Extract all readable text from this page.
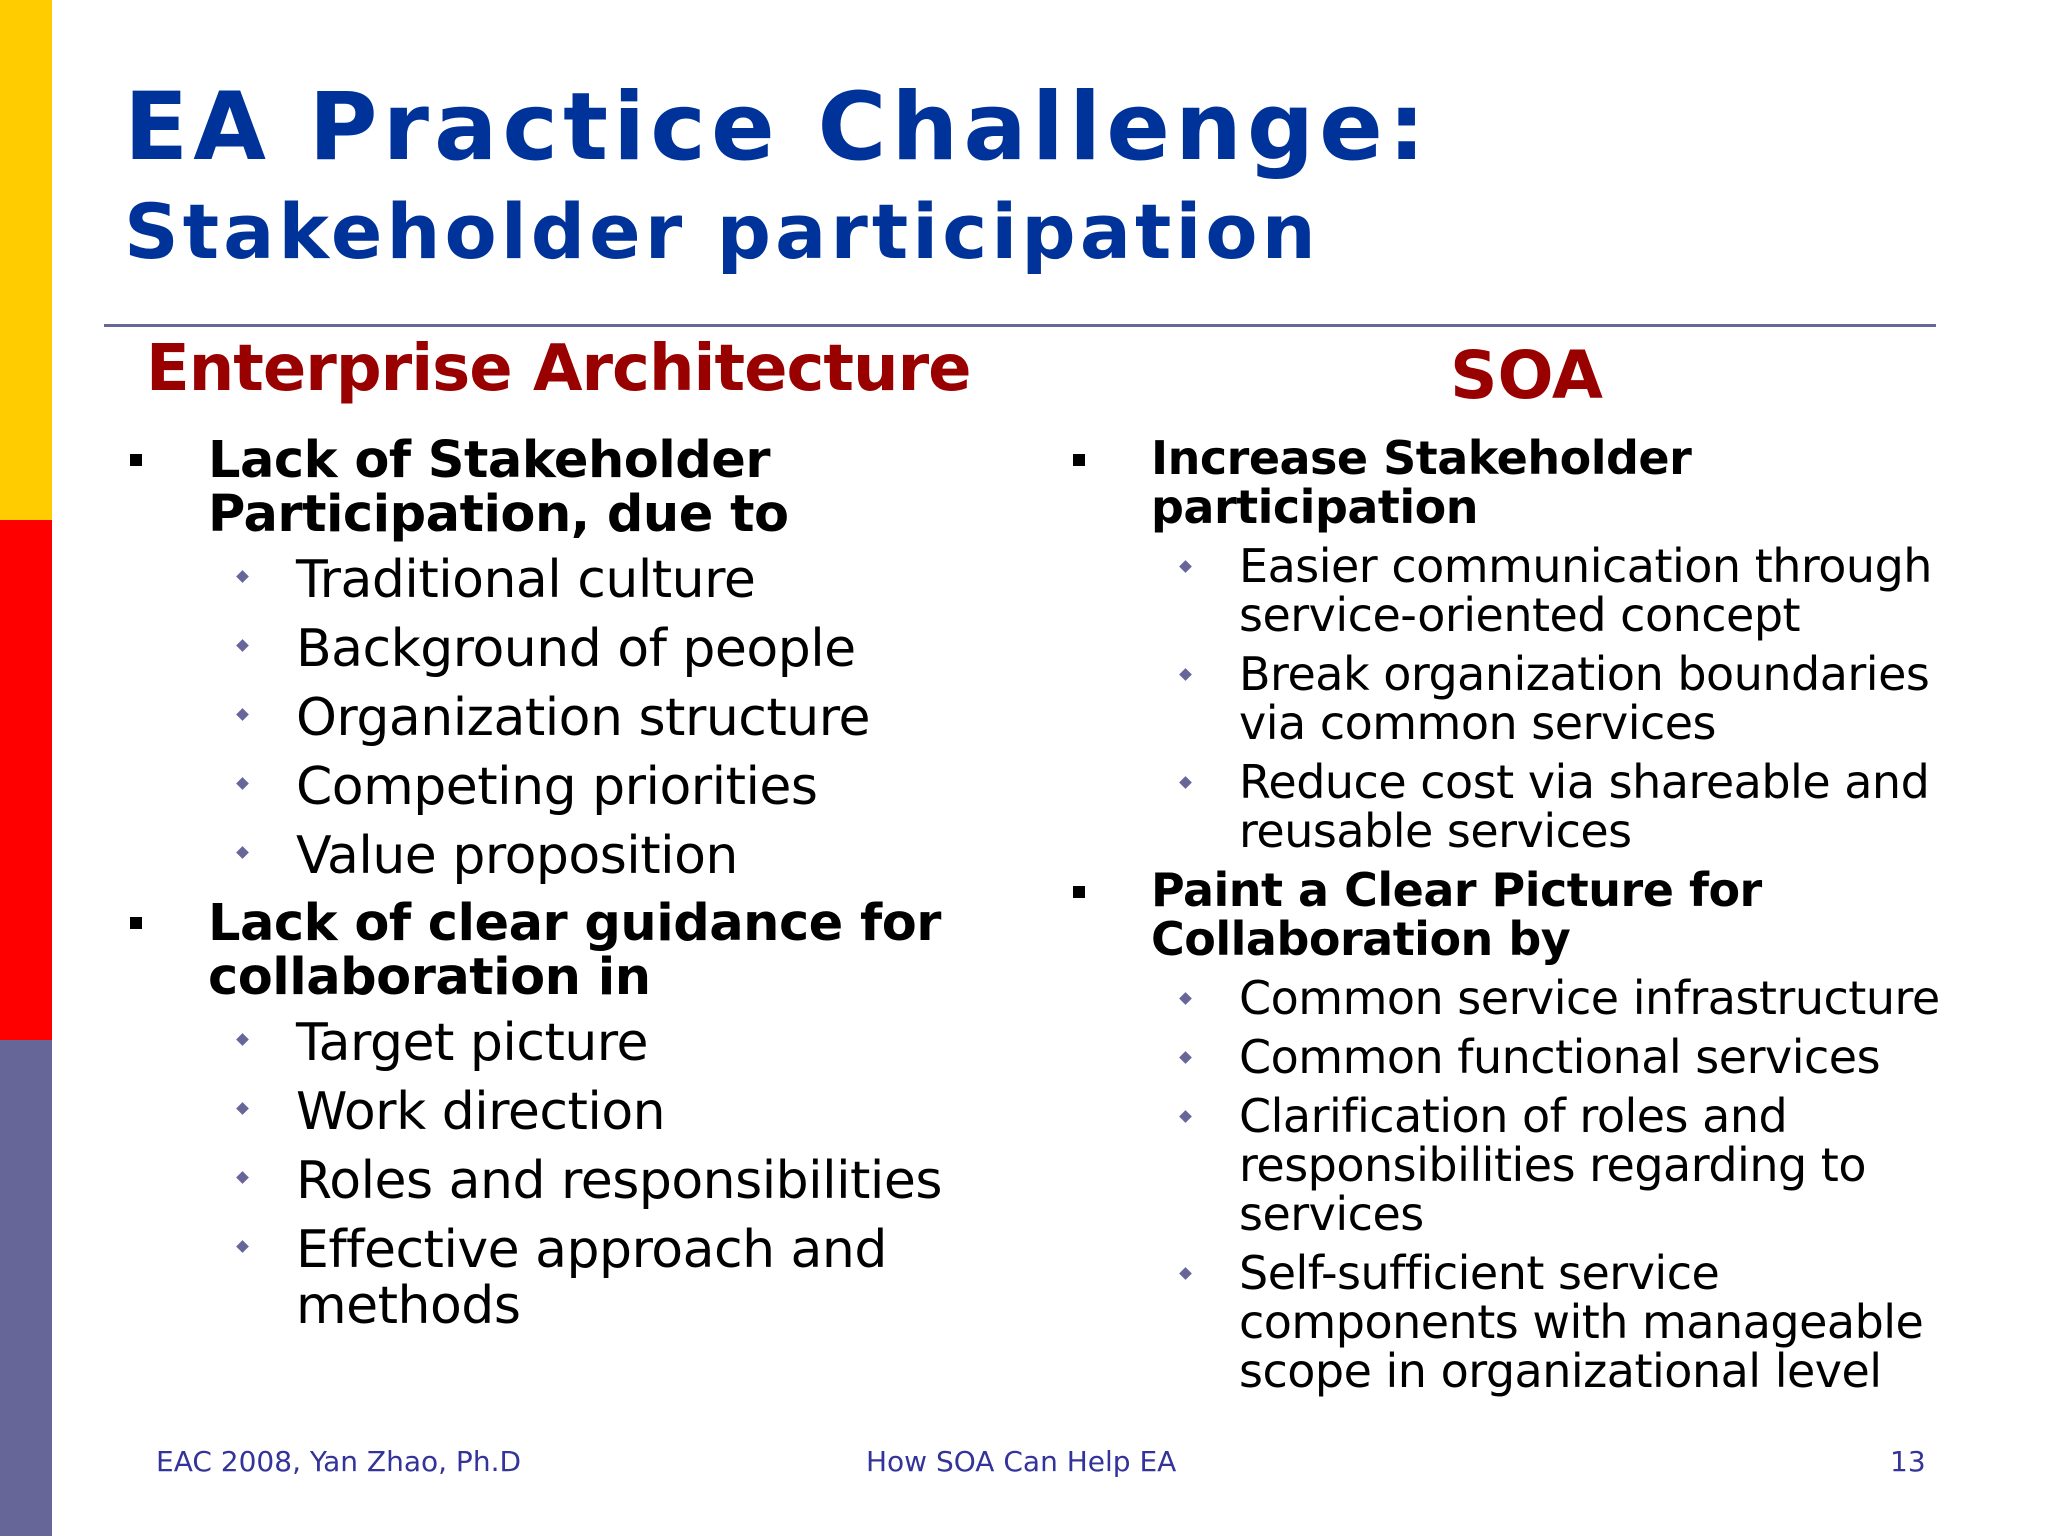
EA Practice Challenge:
Stakeholder participation
Enterprise Architecture	SOA
Lack of Stakeholder Participation, due to
Traditional culture
Background of people
Organization structure
Competing priorities
Value proposition
Lack of clear guidance for collaboration in
Target picture
Work direction
Roles and responsibilities
Effective approach and methods
Increase Stakeholder participation
Easier communication through service-oriented concept
Break organization boundaries via common services
Reduce cost via shareable and reusable services
Paint a Clear Picture for Collaboration by
Common service infrastructure
Common functional services
Clarification of roles and responsibilities regarding to services
Self-sufficient service components with manageable scope in organizational level
EAC 2008, Yan Zhao, Ph.D	How SOA Can Help EA	13
